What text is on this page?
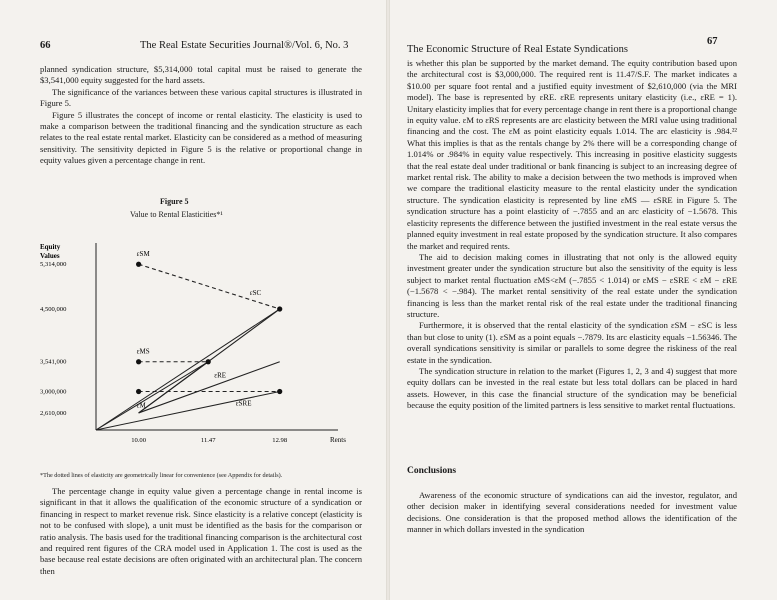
66	The Real Estate Securities Journal®/Vol. 6, No. 3

planned syndication structure, $5,314,000 total capital must be raised to generate the $3,541,000 equity suggested for the hard assets.

The significance of the variances between these various capital structures is illustrated in Figure 5.

Figure 5 illustrates the concept of income or rental elasticity. The elasticity is used to make a comparison between the traditional financing and the syndication structure as each relates to the real estate rental market. Elasticity can be considered as a method of measuring sensitivity. The sensitivity depicted in Figure 5 is the relative or proportional change in equity values given a percentage change in rent.

Figure 5
Value to Rental Elasticities*¹
Equity
Values
Rents
5,314,000
4,500,000
3,541,000
3,000,000
2,610,000
10.00	11.47	12.98
εSM
εSC
εMS
εRE
εM	εSRE
*The dotted lines of elasticity are geometrically linear for convenience (see Appendix for details).

The percentage change in equity value given a percentage change in rental income is significant in that it allows the qualification of the economic structure of a syndication or financing in respect to market revenue risk. Since elasticity is a relative concept (elasticity is not to be confused with slope), a unit must be identified as the basis for the comparison or ratio analysis. The basis used for the traditional financing comparison is the architectural cost and required rent figures of the CRA model used in Application 1. The cost is used as the base because real estate decisions are often originated with an architectural plan. The concern then

The Economic Structure of Real Estate Syndications
67

is whether this plan be supported by the market demand. The equity contribution based upon the architectural cost is $3,000,000. The required rent is 11.47/S.F. The market indicates a $10.00 per square foot rental and a justified equity investment of $2,610,000 (via the MRI model). The base is represented by εRE. εRE represents unitary elasticity (i.e., εRE = 1). Unitary elasticity implies that for every percentage change in rent there is a proportional change in equity value. εM to εRS represents are arc elasticity between the MRI value using traditional financing and the cost. The εM as point elasticity equals 1.014. The arc elasticity is .984.²² What this implies is that as the rentals change by 2% there will be a corresponding change of 1.014% or .984% in equity value respectively. This increasing in positive elasticity suggests that the real estate deal under traditional or bank financing is subject to an increasing degree of market rental risk. The ability to make a decision between the two methods is improved when we compare the traditional elasticity measure to the rental elasticity under the syndication structure. The syndication elasticity is represented by line εMS — εSRE in Figure 5. The syndication structure has a point elasticity of −.7855 and an arc elasticity of −1.5678. This elasticity represents the difference between the justified investment in the real estate versus the planned equity investment in real estate proposed by the syndication structure. It also compares the market and required rents.

The aid to decision making comes in illustrating that not only is the allowed equity investment greater under the syndication structure but also the sensitivity of the equity is less subject to market rental fluctuation εMS<εM (−.7855 < 1.014) or εMS − εSRE < εM − εRE (−1.5678 < −.984). The market rental sensitivity of the real estate under the syndication financing is less than the market rental risk of the real estate under the traditional financing structure.

Furthermore, it is observed that the rental elasticity of the syndication εSM − εSC is less than but close to unity (1). εSM as a point equals −.7879. Its arc elasticity equals −1.56346. The overall syndications sensitivity is similar or parallels to some degree the riskiness of the real estate in the syndication.

The syndication structure in relation to the market (Figures 1, 2, 3 and 4) suggest that more equity dollars can be invested in the real estate but less total dollars can be placed in hard assets. However, in this case the financial structure of the syndication may be beneficial because the equity position of the limited partners is less sensitive to market rental fluctuations.

Conclusions

Awareness of the economic structure of syndications can aid the investor, regulator, and other decision maker in identifying several considerations needed for investment value decisions. One consideration is that the proposed method allows the identification of the manner in which dollars invested in the syndication
